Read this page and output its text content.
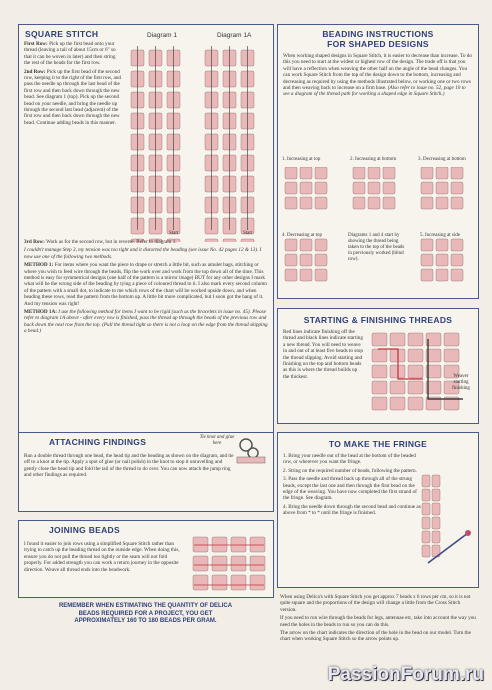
SQUARE STITCH	Diagram 1	Diagram 1A

First Row: Pick up the first bead onto your thread (leaving a tail of about 15cm or 6" so that it can be woven in later) and then string the rest of the beads for the first row.

2nd Row: Pick up the first bead of the second row, keeping it to the right of the first row, and pass the needle up through the last bead of the first row and then back down through the new bead. See diagram 1 (top). Pick up the second bead on your needle, and bring the needle up through the second last bead (adjacent) of the first row and then back down through the new bead. Continue adding beads in this manner.

Start	Start

3rd Row: Work as for the second row, but in reverse. Refer to diagram 1.

I couldn't manage Step 3, my tension was too tight and it distorted the beading (see issue No. 42 pages 12 & 13). I now use one of the following two methods.

METHOD 1: For items where you want the piece to drape or stretch a little bit, such as amulet bags, stitching or where you wish to feed wire through the beads, flip the work over and work from the top down all of the time. This method is easy for symmetrical designs (one half of the pattern is a mirror image) BUT for any other designs I mark what will be the wrong side of the beading by tying a piece of coloured thread to it. I also mark every second column of the pattern with a small dot, to indicate to me which rows of the chart will be worked upside down, and when beading these rows, read the pattern from the bottom up. A little bit more complicated, but I soon got the hang of it. And my tension was right!

METHOD 1A: I use the following method for items I want to be rigid (such as the bracelets in issue no. 45). Please refer to diagram 1A above - after every row is finished, pass the thread up through the beads of the previous row and back down the next row from the top. (Pull the thread tight so there is not a loop on the edge from the thread skipping a bead.)

BEADING INSTRUCTIONS
FOR SHAPED DESIGNS

When working shaped designs in Square Stitch, it is easier to decrease than increase. To do this you need to start at the widest or highest row of the design. The trade off is that you will have a reflection when weaving the other half on the angle of the bead changes. You can work Square Stitch from the top of the design down to the bottom, increasing and decreasing as required by using the methods illustrated below, or working one or two rows and then weaving back to increase on a firm base. (Also refer to issue no. 52, page 10 to see a diagram of the thread path for working a shaped edge in Square Stitch.)

1. Increasing at top	2. Increasing at bottom	3. Decreasing at bottom
4. Decreasing at top	Diagrams 1 and 4 start by showing the thread being taken to the top of the beads in previously worked (blind row).
5. Increasing at side
STARTING & FINISHING THREADS
Red lines indicate finishing off the thread and black lines indicate starting a new thread. You will need to weave in and out of at least five beads to stop the thread slipping. Avoid starting and finishing on the top and bottom beads as this is where the thread builds up the thickest.	Weaver starting finishing
ATTACHING FINDINGS	Tie knot and glue here
Run a double thread through one bead, the head tip and the beading as shown on the diagram, and tie off to a knot at the tip. Apply a spot of glue (or nail polish) in the knot to stop it unravelling and gently close the head tip and fold the tail of the thread to do over. You can now attach the jump ring and other findings as required.
JOINING BEADS
I found it easier to join rows using a simplified Square Stitch rather than trying to catch up the beading thread on the outside edge. When doing this, ensure you do not pull the thread too tightly or the seam will not fold properly. For added strength you can work a return journey in the opposite direction. Weave all thread ends into the beadwork.
TO MAKE THE FRINGE

1. Bring your needle out of the bead at the bottom of the beaded row, or wherever you want the fringe.

2. String on the required number of beads, following the pattern.

3. Pass the needle and thread back up through all of the strung beads, except the last one and then through the first bead on the edge of the weaving. You have now completed the first strand of the fringe. See diagram.

4. Bring the needle down through the second bead and continue as above from * to * until the fringe is finished.

When using Delica's with Square Stitch you get approx 7 beads x 6 rows per cm, so it is not quite square and the proportions of the design will change a little from the Cross Stitch version.

If you need to run wire through the beads for legs, antennae etc, take into account the way you need the holes in the beads to run so you can do this.

The arrow on the chart indicates the direction of the hole in the bead on our model. Turn the chart when working Square Stitch so the arrow points up.

REMEMBER WHEN ESTIMATING THE QUANTITY OF DELICA
BEADS REQUIRED FOR A PROJECT, YOU GET
APPROXIMATELY 160 TO 180 BEADS PER GRAM.
PassionForum.ru
